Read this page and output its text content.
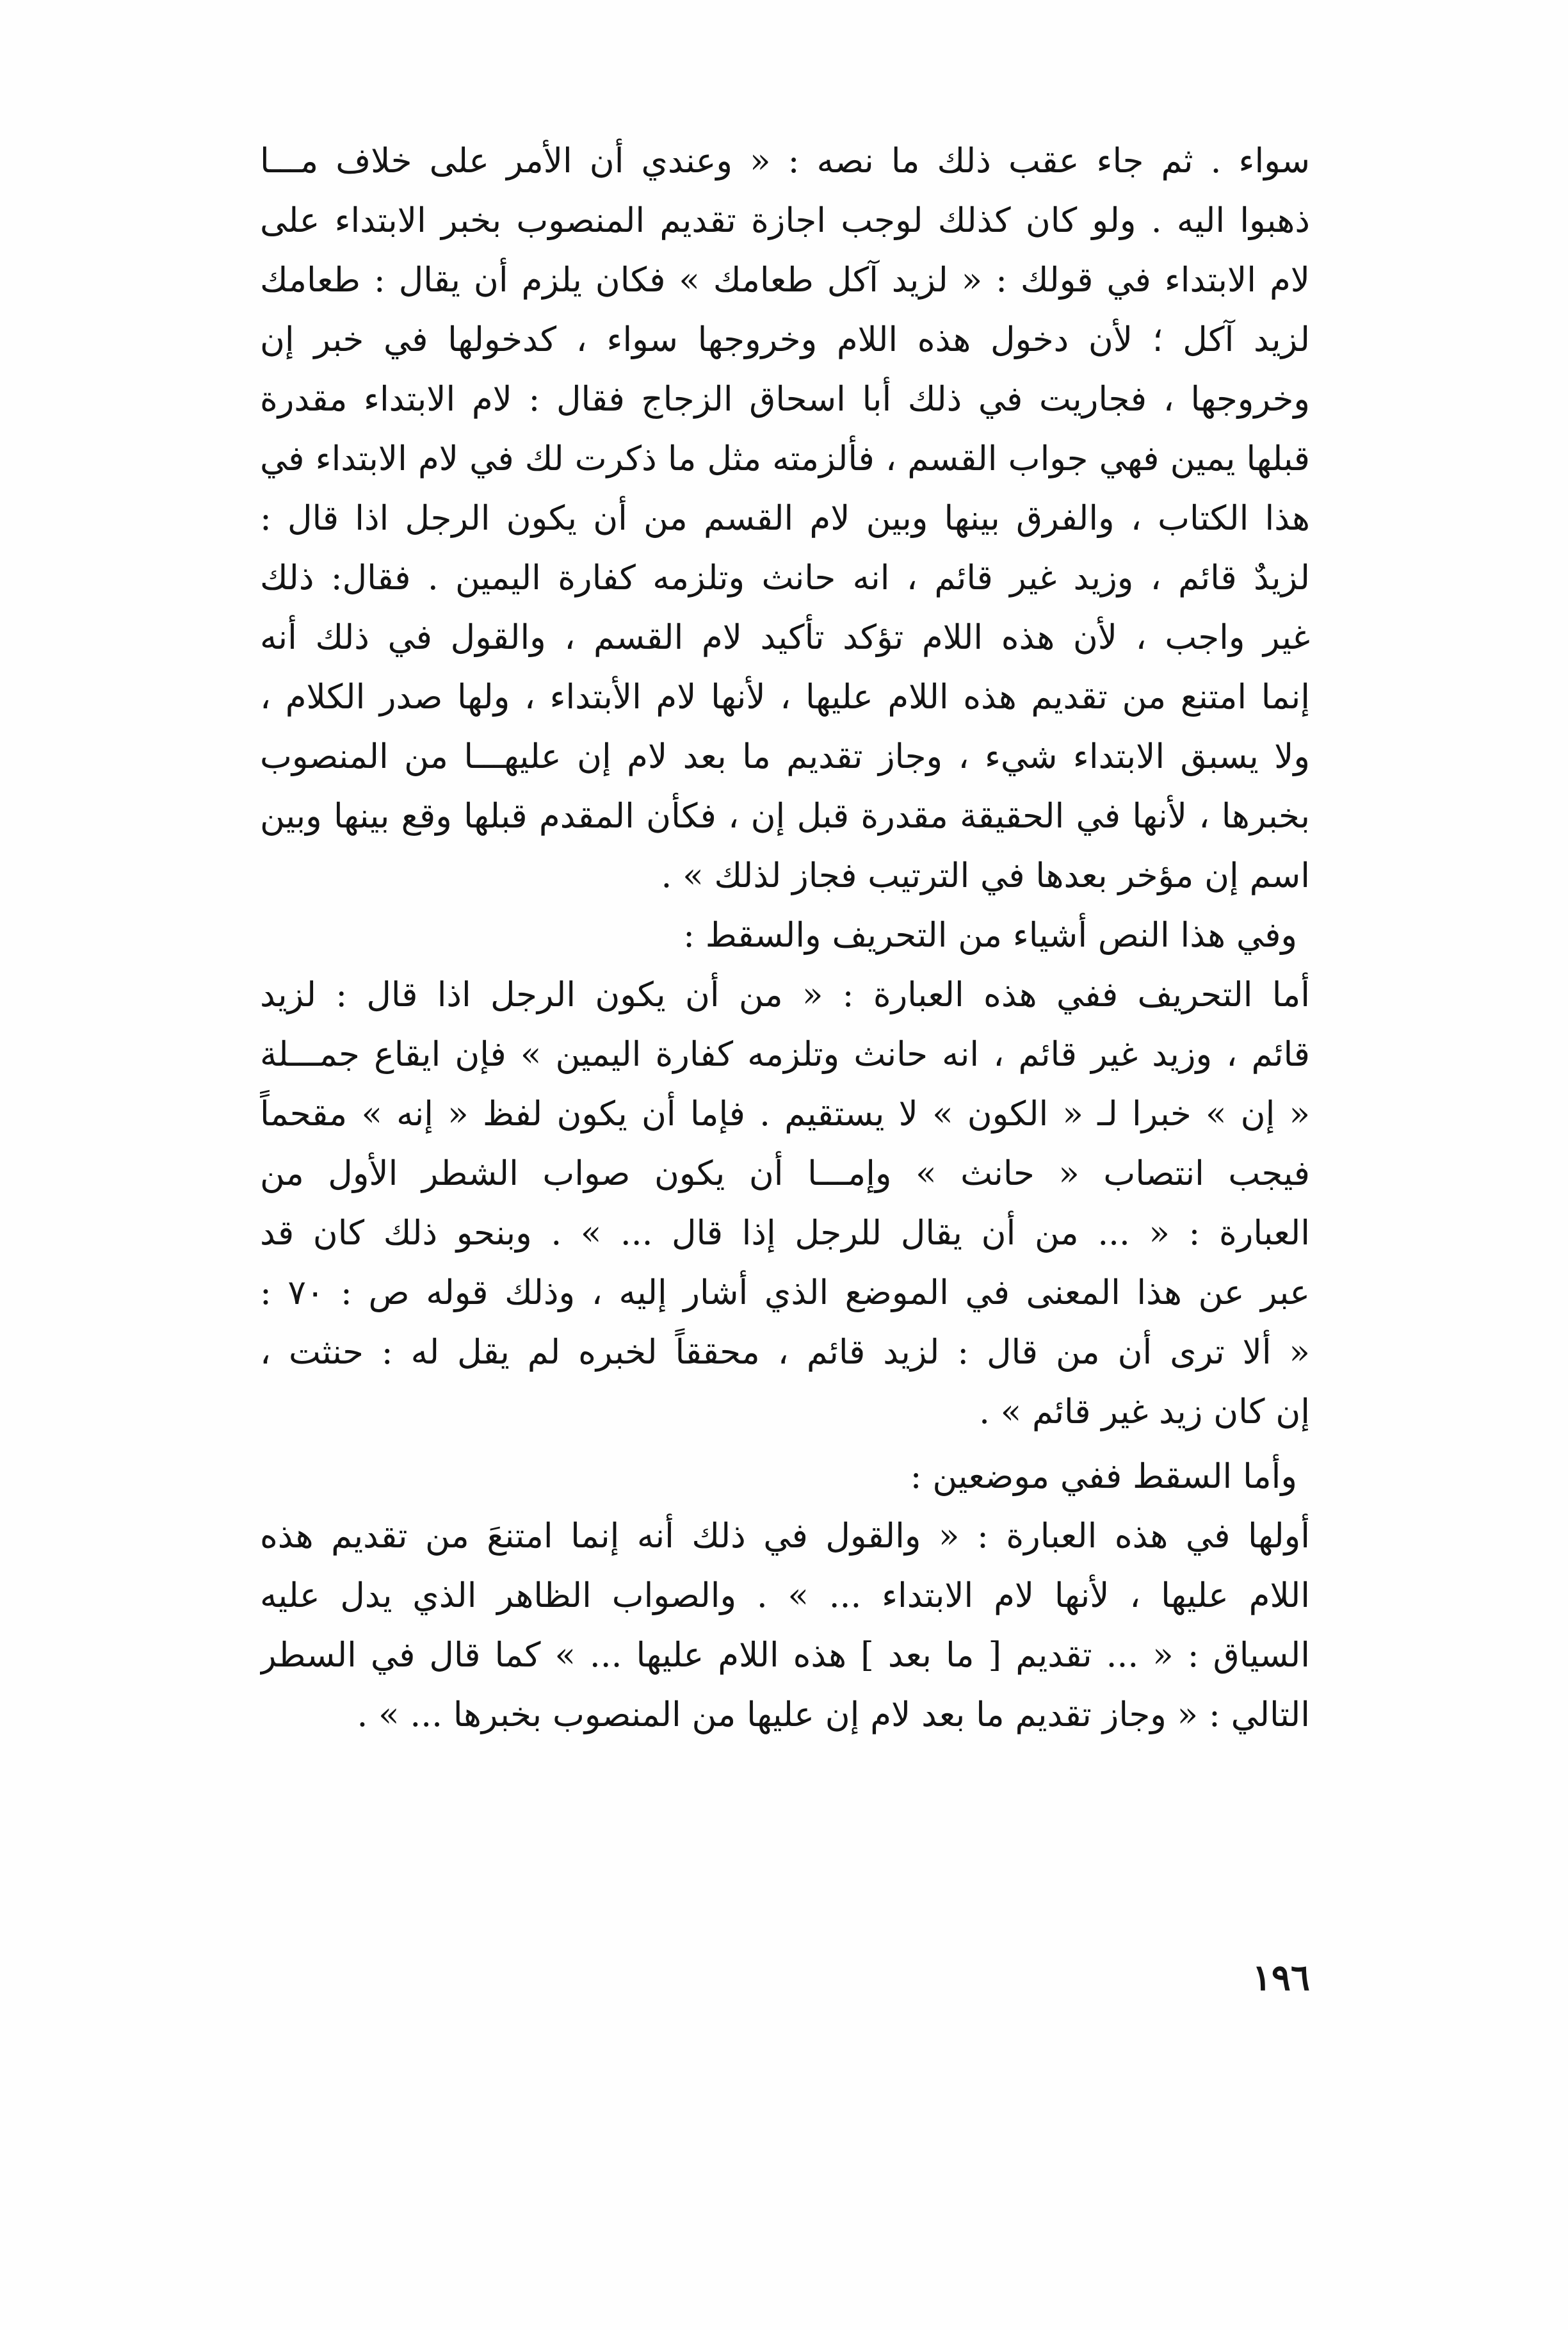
سواء . ثم جاء عقب ذلك ما نصه : « وعندي أن الأمر على خلاف مـــا
ذهبوا اليه . ولو كان كذلك لوجب اجازة تقديم المنصوب بخبر الابتداء على
لام الابتداء في قولك : « لزيد آكل طعامك » فكان يلزم أن يقال : طعامك
لزيد آكل ؛ لأن دخول هذه اللام وخروجها سواء ، كدخولها في خبر إن
وخروجها ، فجاريت في ذلك أبا اسحاق الزجاج فقال : لام الابتداء مقدرة
قبلها يمين فهي جواب القسم ، فألزمته مثل ما ذكرت لك في لام الابتداء في
هذا الكتاب ، والفرق بينها وبين لام القسم من أن يكون الرجل اذا قال :
لزيدٌ قائم ، وزيد غير قائم ، انه حانث وتلزمه كفارة اليمين . فقال: ذلك
غير واجب ، لأن هذه اللام تؤكد تأكيد لام القسم ، والقول في ذلك أنه
إنما امتنع من تقديم هذه اللام عليها ، لأنها لام الأبتداء ، ولها صدر الكلام ،
ولا يسبق الابتداء شيء ، وجاز تقديم ما بعد لام إن عليهـــا من المنصوب
بخبرها ، لأنها في الحقيقة مقدرة قبل إن ، فكأن المقدم قبلها وقع بينها وبين
اسم إن مؤخر بعدها في الترتيب فجاز لذلك » .
وفي هذا النص أشياء من التحريف والسقط :
أما التحريف ففي هذه العبارة : « من أن يكون الرجل اذا قال : لزيد
قائم ، وزيد غير قائم ، انه حانث وتلزمه كفارة اليمين » فإن ايقاع جمـــلة
« إن » خبرا لـ « الكون » لا يستقيم . فإما أن يكون لفظ « إنه » مقحماً
فيجب انتصاب « حانث » وإمـــا أن يكون صواب الشطر الأول من
العبارة : « ... من أن يقال للرجل إذا قال ... » . وبنحو ذلك كان قد
عبر عن هذا المعنى في الموضع الذي أشار إليه ، وذلك قوله ص : ٧٠ :
« ألا ترى أن من قال : لزيد قائم ، محققاً لخبره لم يقل له : حنثت ،
إن كان زيد غير قائم » .
وأما السقط ففي موضعين :
أولها في هذه العبارة : « والقول في ذلك أنه إنما امتنعَ من تقديم هذه
اللام عليها ، لأنها لام الابتداء ... » . والصواب الظاهر الذي يدل عليه
السياق : « ... تقديم [ ما بعد ] هذه اللام عليها ... » كما قال في السطر
التالي : « وجاز تقديم ما بعد لام إن عليها من المنصوب بخبرها ... » .
١٩٦
